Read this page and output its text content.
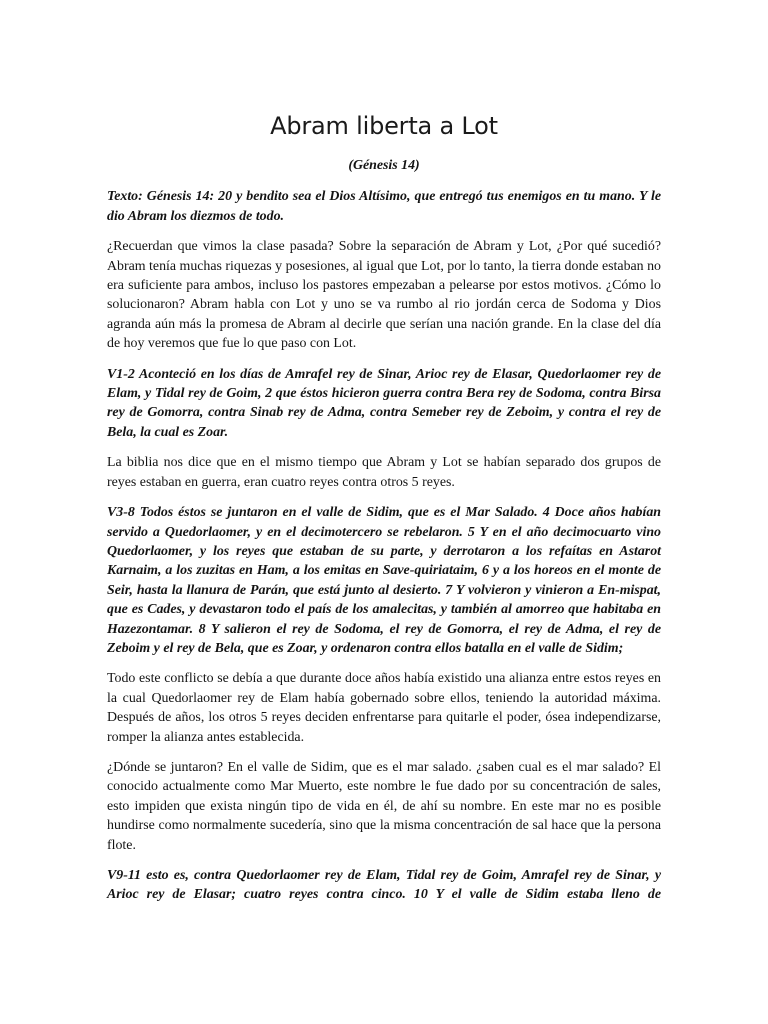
Abram liberta a Lot

(Génesis 14)

Texto: Génesis 14: 20 y bendito sea el Dios Altísimo, que entregó tus enemigos en tu mano. Y le dio Abram los diezmos de todo.

¿Recuerdan que vimos la clase pasada? Sobre la separación de Abram y Lot, ¿Por qué sucedió? Abram tenía muchas riquezas y posesiones, al igual que Lot, por lo tanto, la tierra donde estaban no era suficiente para ambos, incluso los pastores empezaban a pelearse por estos motivos. ¿Cómo lo solucionaron? Abram habla con Lot y uno se va rumbo al rio jordán cerca de Sodoma y Dios agranda aún más la promesa de Abram al decirle que serían una nación grande. En la clase del día de hoy veremos que fue lo que paso con Lot.

V1-2 Aconteció en los días de Amrafel rey de Sinar, Arioc rey de Elasar, Quedorlaomer rey de Elam, y Tidal rey de Goim, 2 que éstos hicieron guerra contra Bera rey de Sodoma, contra Birsa rey de Gomorra, contra Sinab rey de Adma, contra Semeber rey de Zeboim, y contra el rey de Bela, la cual es Zoar.

La biblia nos dice que en el mismo tiempo que Abram y Lot se habían separado dos grupos de reyes estaban en guerra, eran cuatro reyes contra otros 5 reyes.

V3-8 Todos éstos se juntaron en el valle de Sidim, que es el Mar Salado. 4 Doce años habían servido a Quedorlaomer, y en el decimotercero se rebelaron. 5 Y en el año decimocuarto vino Quedorlaomer, y los reyes que estaban de su parte, y derrotaron a los refaítas en Astarot Karnaim, a los zuzitas en Ham, a los emitas en Save-quiriataim, 6 y a los horeos en el monte de Seir, hasta la llanura de Parán, que está junto al desierto. 7 Y volvieron y vinieron a En-mispat, que es Cades, y devastaron todo el país de los amalecitas, y también al amorreo que habitaba en Hazezontamar. 8 Y salieron el rey de Sodoma, el rey de Gomorra, el rey de Adma, el rey de Zeboim y el rey de Bela, que es Zoar, y ordenaron contra ellos batalla en el valle de Sidim;

Todo este conflicto se debía a que durante doce años había existido una alianza entre estos reyes en la cual Quedorlaomer rey de Elam había gobernado sobre ellos, teniendo la autoridad máxima. Después de años, los otros 5 reyes deciden enfrentarse para quitarle el poder, ósea independizarse, romper la alianza antes establecida.

¿Dónde se juntaron? En el valle de Sidim, que es el mar salado. ¿saben cual es el mar salado? El conocido actualmente como Mar Muerto, este nombre le fue dado por su concentración de sales, esto impiden que exista ningún tipo de vida en él, de ahí su nombre. En este mar no es posible hundirse como normalmente sucedería, sino que la misma concentración de sal hace que la persona flote.

V9-11 esto es, contra Quedorlaomer rey de Elam, Tidal rey de Goim, Amrafel rey de Sinar, y Arioc rey de Elasar; cuatro reyes contra cinco. 10 Y el valle de Sidim estaba lleno de
